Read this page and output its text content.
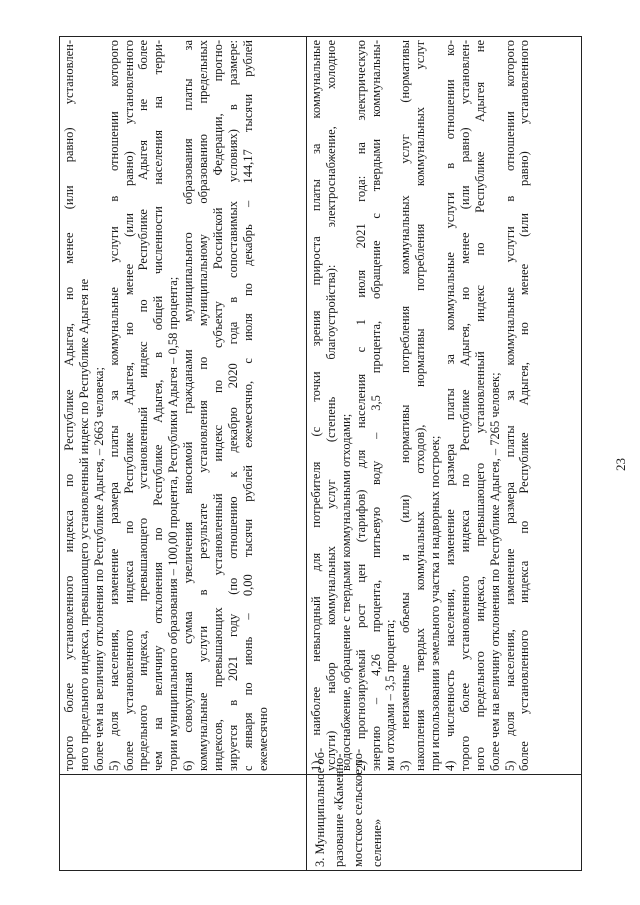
3. Муниципальное об- разование «Каменно- мостское сельское по- селение»
торого более установленного индекса по Республике Адыгея, но менее (или равно) установлен- ного предельного индекса, превышающего установленный индекс по Республике Адыгея не более чем на величину отклонения по Республике Адыгея, – 2663 человека; 5) доля населения, изменение размера платы за коммунальные услуги в отношении которого более установленного индекса по Республике Адыгея, но менее (или равно) установленного предельного индекса, превышающего установленный индекс по Республике Адыгея не более чем на величину отклонения по Республике Адыгея, в общей численности населения на терри- тории муниципального образования – 100,00 процента, Республики Адыгея – 0,58 процента; 6) совокупная сумма увеличения вносимой гражданами муниципального образования платы за коммунальные услуги в результате установления по муниципальному образованию предельных индексов, превышающих установленный индекс по субъекту Российской Федерации, прогно- зируется в 2021 году (по отношению к декабрю 2020 года в сопоставимых условиях) в размере: с января по июнь – 0,00 тысячи рублей ежемесячно, с июля по декабрь – 144,17 тысячи рублей ежемесячно	1) наиболее невыгодный для потребителя (с точки зрения прироста платы за коммунальные услуги) набор коммунальных услуг (степень благоустройства): электроснабжение, холодное водоснабжение, обращение с твердыми коммунальными отходами; 2) прогнозируемый рост цен (тарифов) для населения с 1 июля 2021 года: на электрическую энергию – 4,26 процента, питьевую воду – 3,5 процента, обращение с твердыми коммунальны- ми отходами – 3,5 процента; 3) неизменные объемы и (или) нормативы потребления коммунальных услуг (нормативы накопления твердых коммунальных отходов), нормативы потребления коммунальных услуг при использовании земельного участка и надворных построек; 4) численность населения, изменение размера платы за коммунальные услуги в отношении ко- торого более установленного индекса по Республике Адыгея, но менее (или равно) установлен- ного предельного индекса, превышающего установленный индекс по Республике Адыгея не более чем на величину отклонения по Республике Адыгея, – 7265 человек; 5) доля населения, изменение размера платы за коммунальные услуги в отношении которого более установленного индекса по Республике Адыгея, но менее (или равно) установленного	23
